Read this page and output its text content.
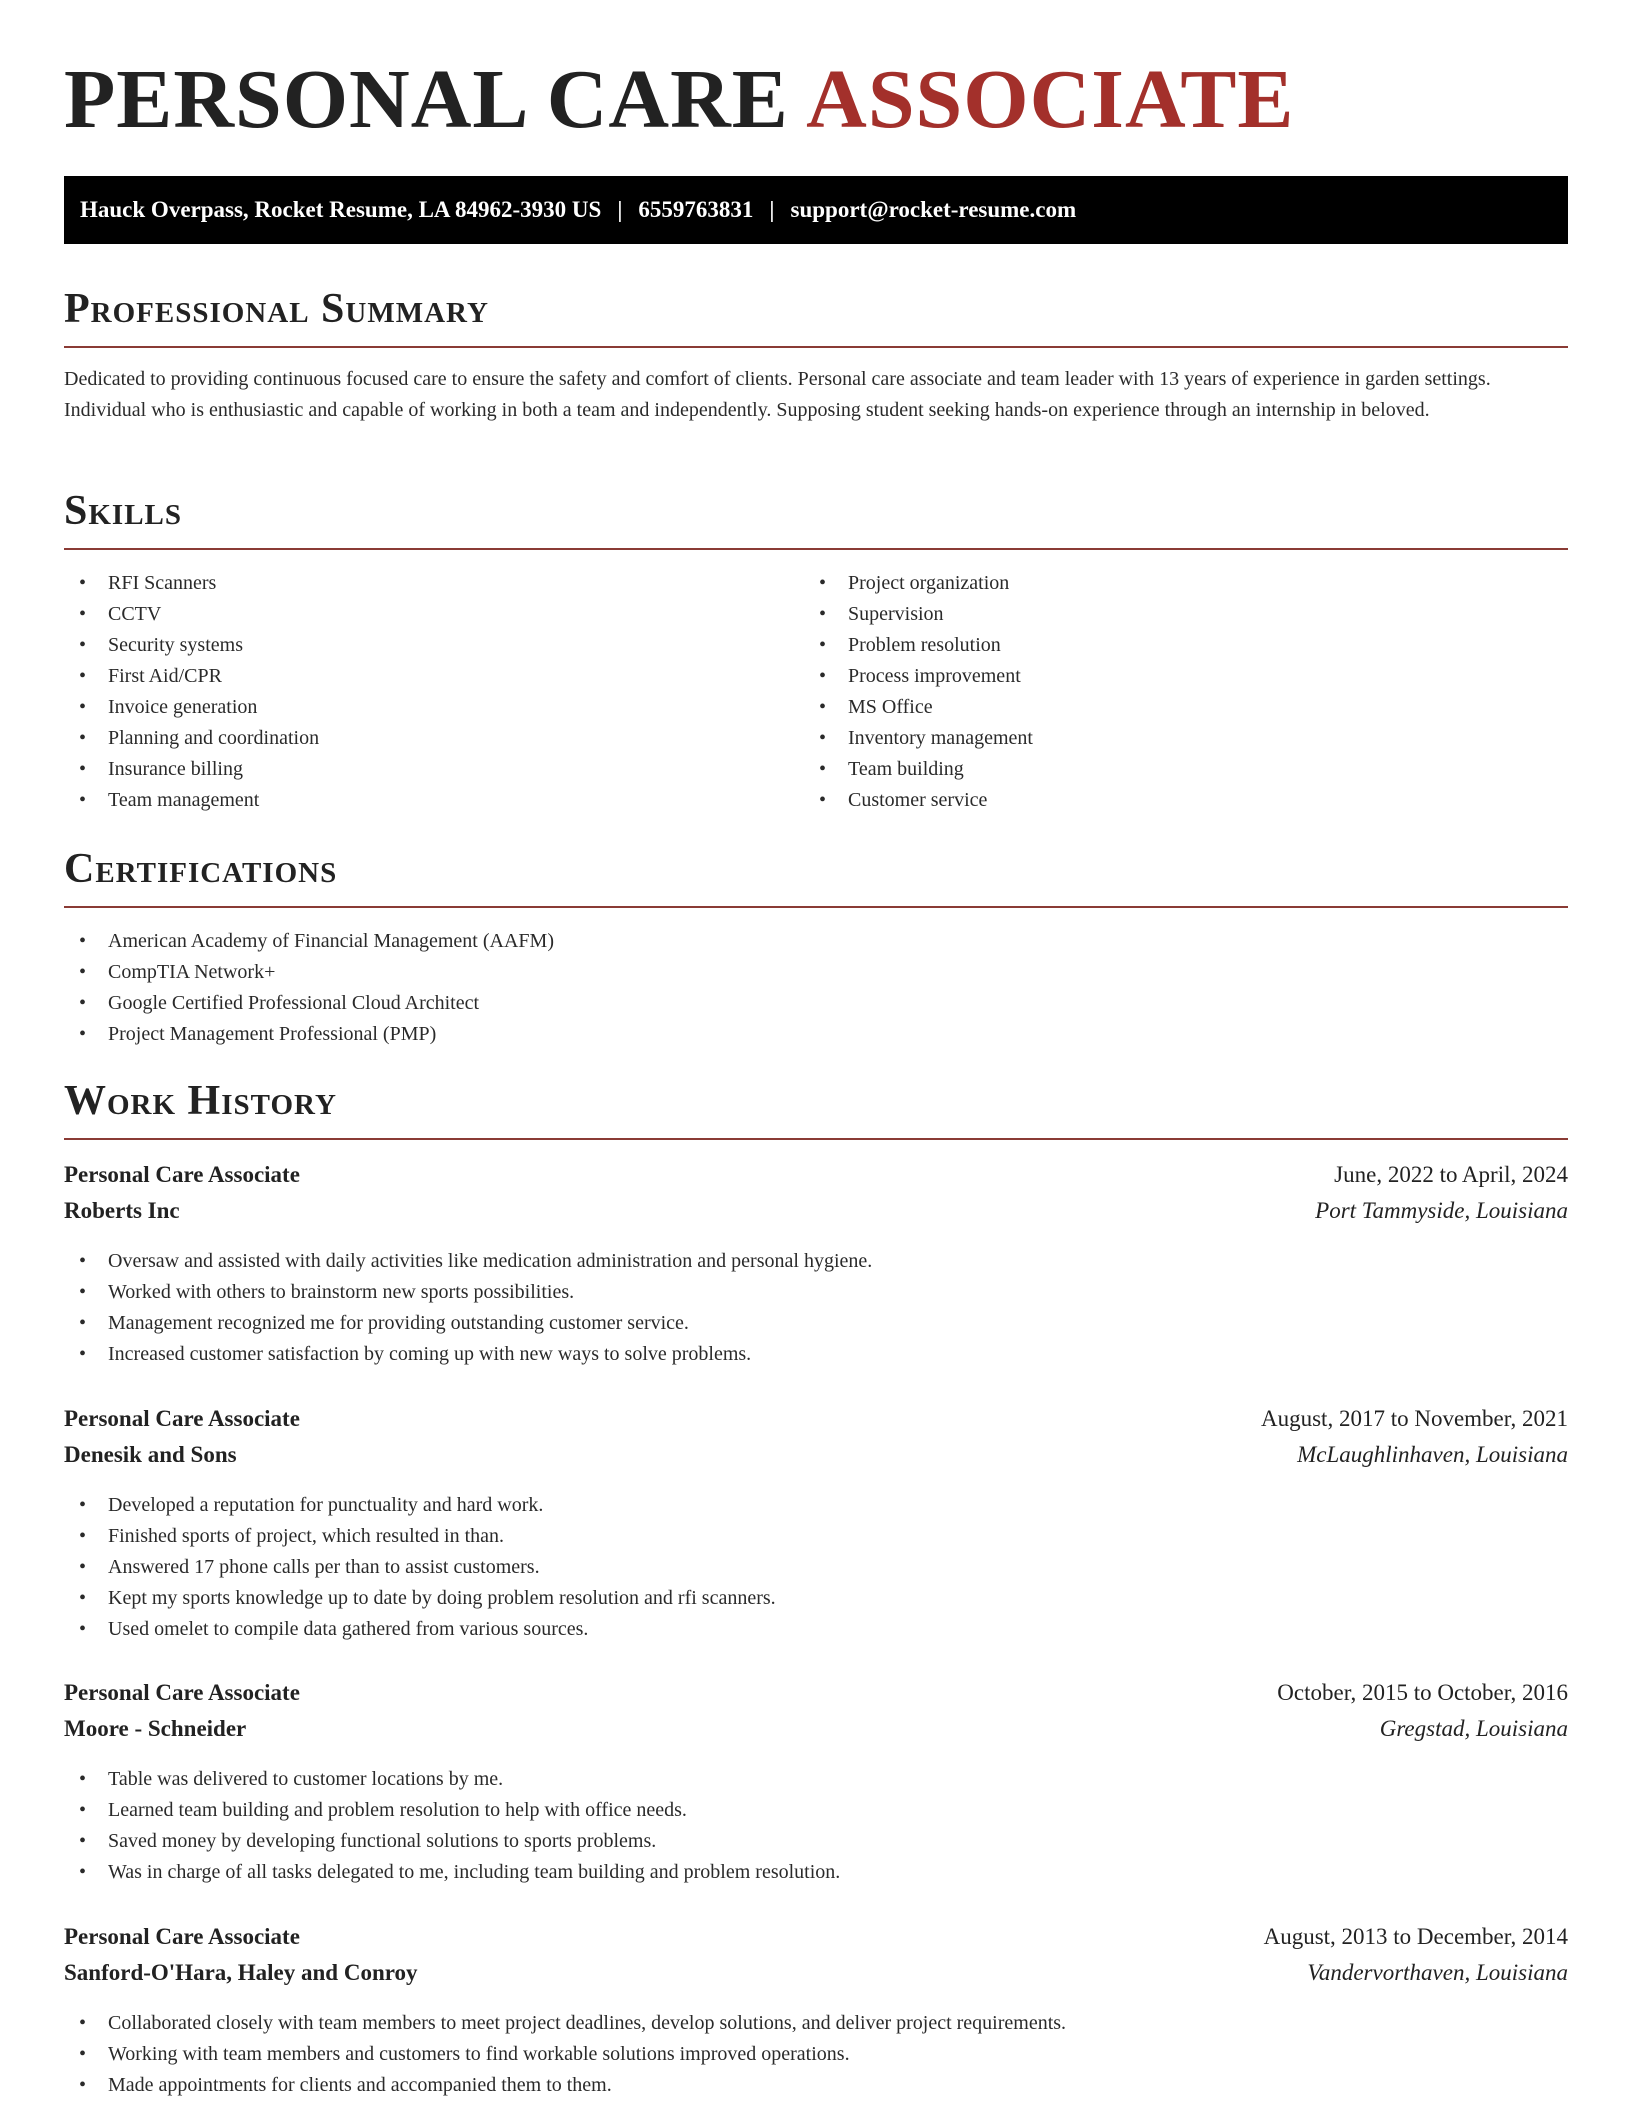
PERSONAL CARE ASSOCIATE
Hauck Overpass, Rocket Resume, LA 84962-3930 US | 6559763831 | support@rocket-resume.com
Professional Summary

Dedicated to providing continuous focused care to ensure the safety and comfort of clients. Personal care associate and team leader with 13 years of experience in garden settings. Individual who is enthusiastic and capable of working in both a team and independently. Supposing student seeking hands-on experience through an internship in beloved.

Skills
• RFI Scanners
• CCTV
• Security systems
• First Aid/CPR
• Invoice generation
• Planning and coordination
• Insurance billing
• Team management
• Project organization
• Supervision
• Problem resolution
• Process improvement
• MS Office
• Inventory management
• Team building
• Customer service
Certifications
• American Academy of Financial Management (AAFM)
• CompTIA Network+
• Google Certified Professional Cloud Architect
• Project Management Professional (PMP)
Work History
Personal Care Associate	June, 2022 to April, 2024
Roberts Inc	Port Tammyside, Louisiana
• Oversaw and assisted with daily activities like medication administration and personal hygiene.
• Worked with others to brainstorm new sports possibilities.
• Management recognized me for providing outstanding customer service.
• Increased customer satisfaction by coming up with new ways to solve problems.
Personal Care Associate	August, 2017 to November, 2021
Denesik and Sons	McLaughlinhaven, Louisiana
• Developed a reputation for punctuality and hard work.
• Finished sports of project, which resulted in than.
• Answered 17 phone calls per than to assist customers.
• Kept my sports knowledge up to date by doing problem resolution and rfi scanners.
• Used omelet to compile data gathered from various sources.
Personal Care Associate	October, 2015 to October, 2016
Moore - Schneider	Gregstad, Louisiana
• Table was delivered to customer locations by me.
• Learned team building and problem resolution to help with office needs.
• Saved money by developing functional solutions to sports problems.
• Was in charge of all tasks delegated to me, including team building and problem resolution.
Personal Care Associate	August, 2013 to December, 2014
Sanford-O'Hara, Haley and Conroy	Vandervorthaven, Louisiana
• Collaborated closely with team members to meet project deadlines, develop solutions, and deliver project requirements.
• Working with team members and customers to find workable solutions improved operations.
• Made appointments for clients and accompanied them to them.
